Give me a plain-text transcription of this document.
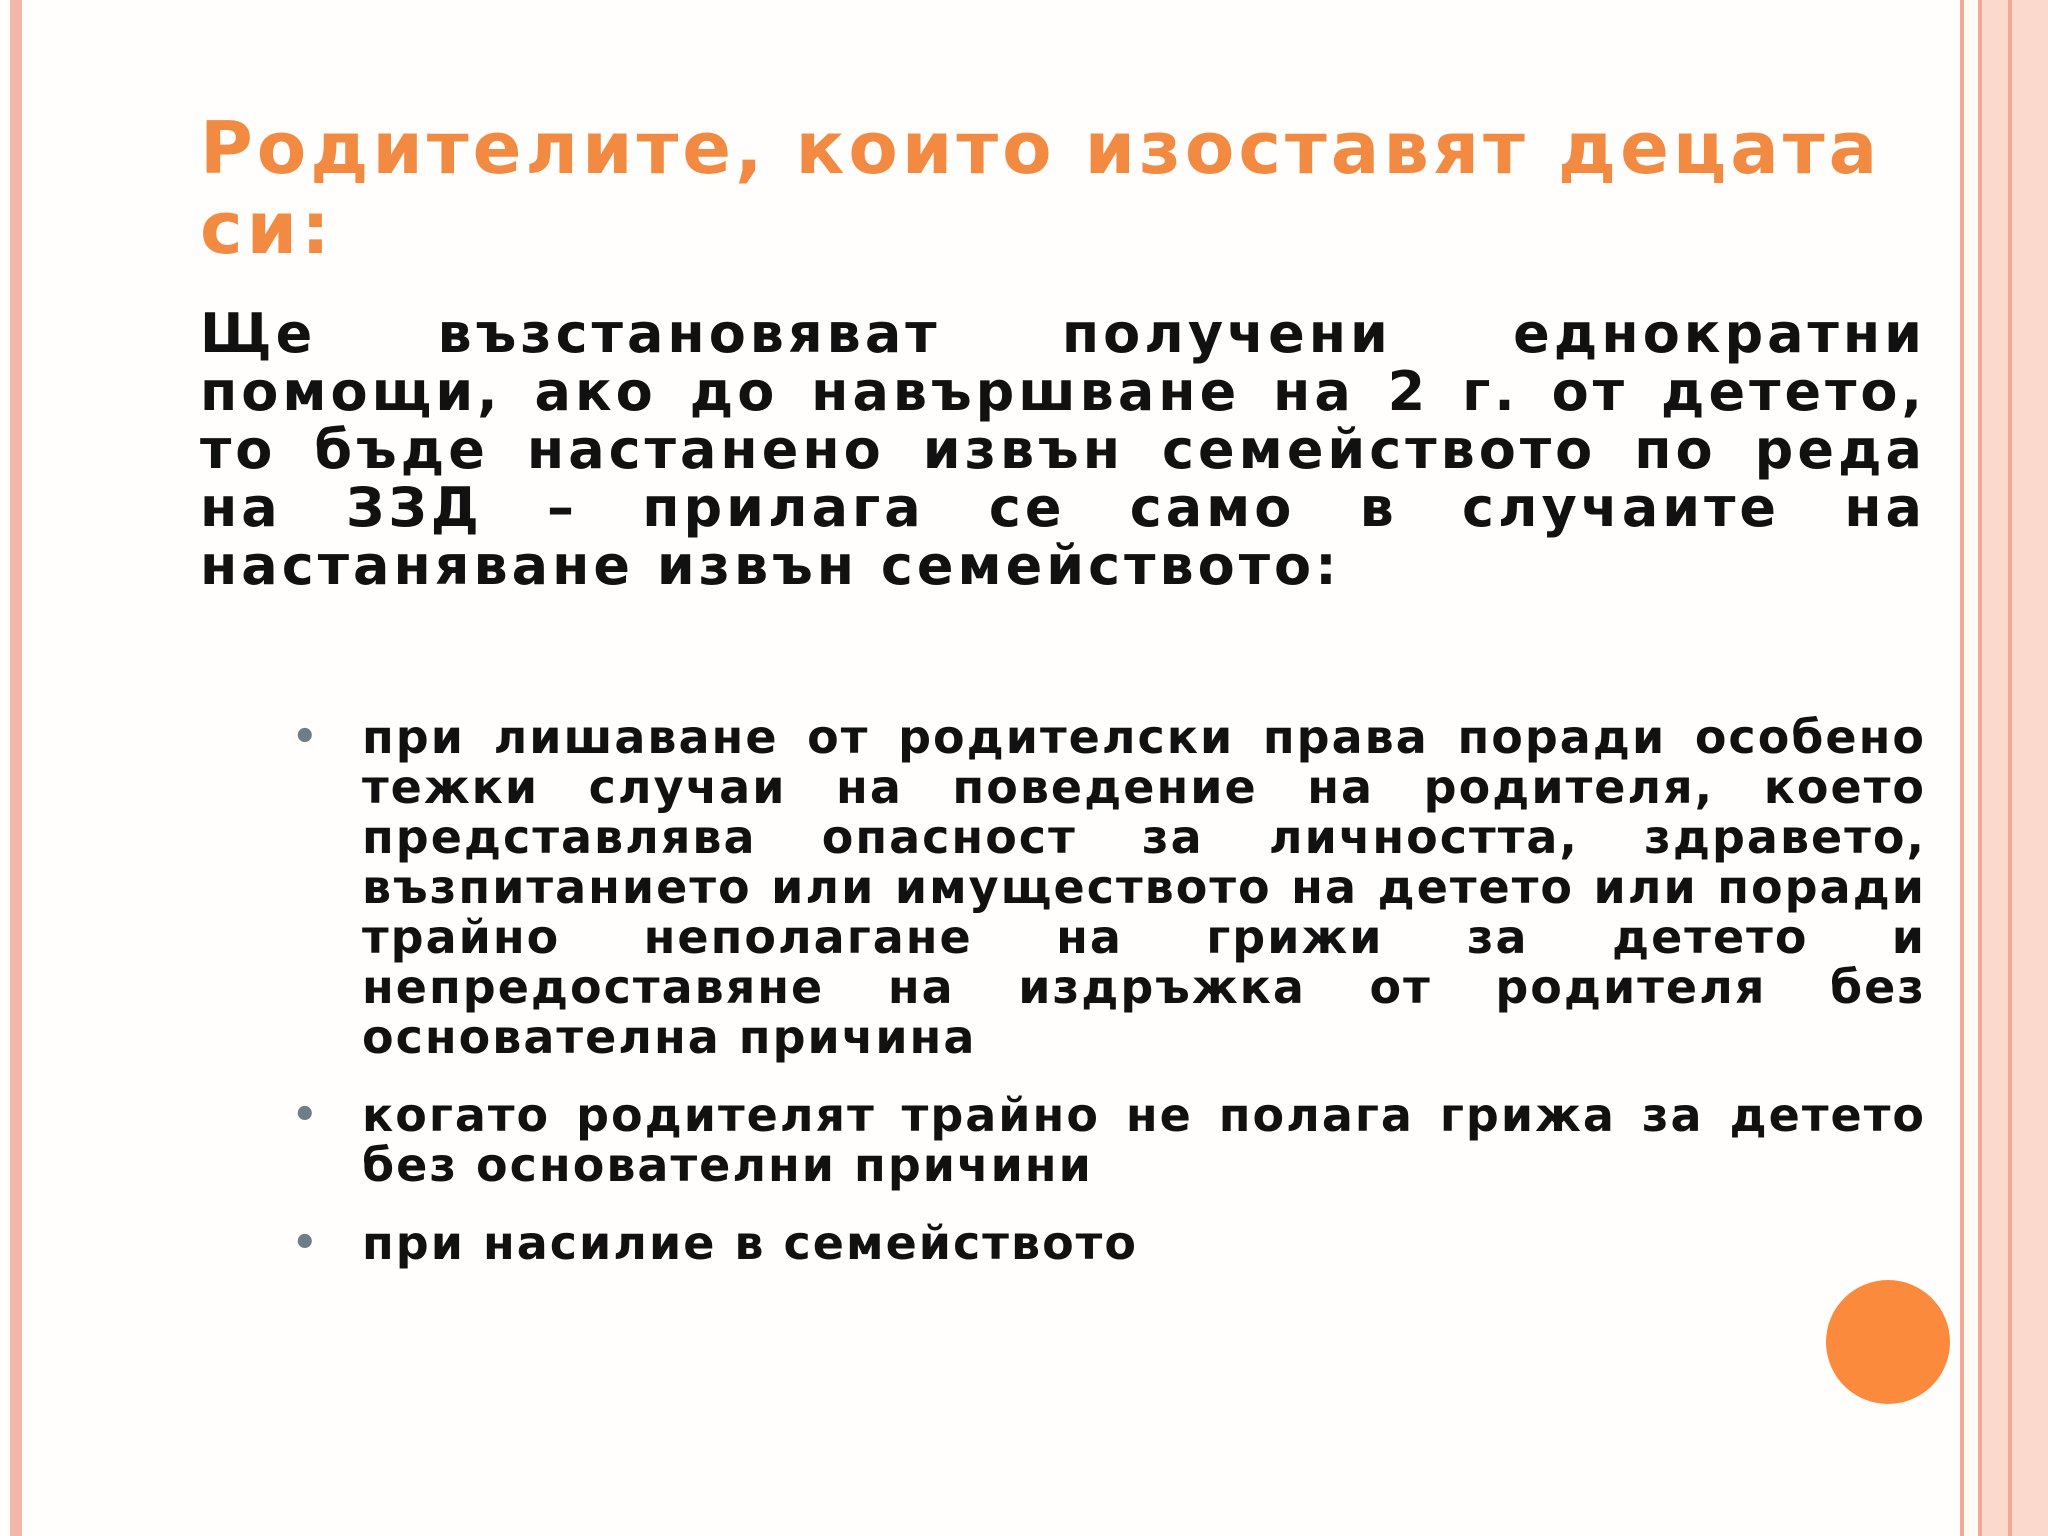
Родителите, които изоставят децата си:

Ще възстановяват получени еднократни помощи, ако до навършване на 2 г. от детето, то бъде настанено извън семейството по реда на ЗЗД – прилага се само в случаите на настаняване извън семейството:

• при лишаване от родителски права поради особено тежки случаи на поведение на родителя, което представлява опасност за личността, здравето, възпитанието или имуществото на детето или поради трайно неполагане на грижи за детето и непредоставяне на издръжка от родителя без основателна причина
• когато родителят трайно не полага грижа за детето без основателни причини
• при насилие в семейството
